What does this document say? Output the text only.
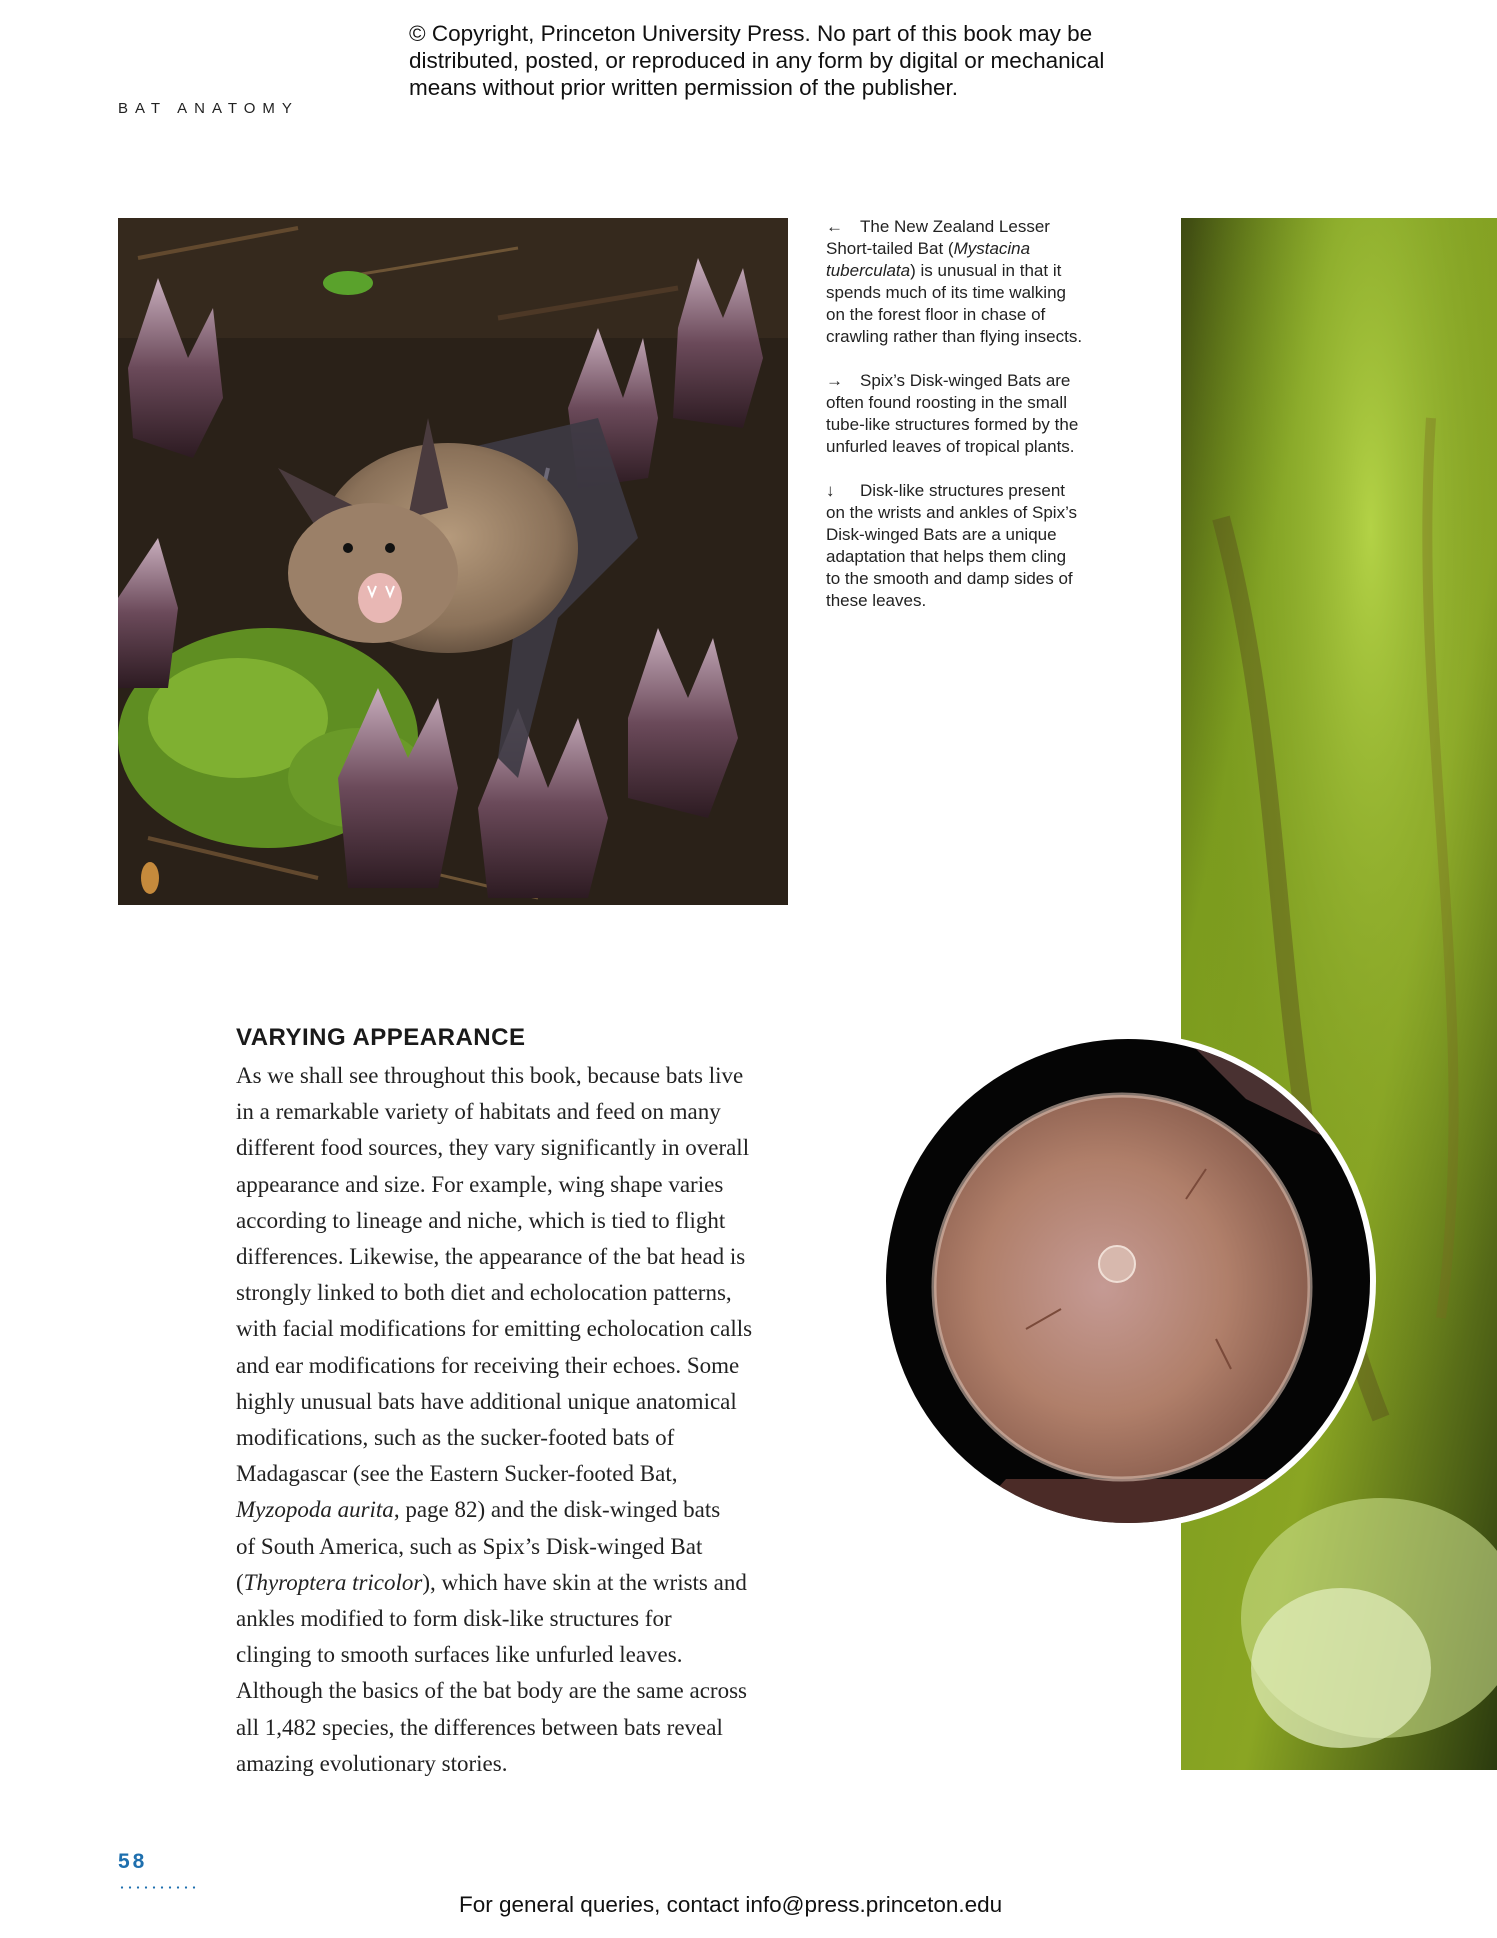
© Copyright, Princeton University Press. No part of this book may be
distributed, posted, or reproduced in any form by digital or mechanical
means without prior written permission of the publisher.
BAT ANATOMY
← The New Zealand Lesser
Short-tailed Bat (Mystacina
tuberculata) is unusual in that it
spends much of its time walking
on the forest floor in chase of
crawling rather than flying insects.
→ Spix’s Disk-winged Bats are
often found roosting in the small
tube-like structures formed by the
unfurled leaves of tropical plants.
↓ Disk-like structures present
on the wrists and ankles of Spix’s
Disk-winged Bats are a unique
adaptation that helps them cling
to the smooth and damp sides of
these leaves.
VARYING APPEARANCE

As we shall see throughout this book, because bats live

in a remarkable variety of habitats and feed on many

different food sources, they vary significantly in overall

appearance and size. For example, wing shape varies

according to lineage and niche, which is tied to flight

differences. Likewise, the appearance of the bat head is

strongly linked to both diet and echolocation patterns,

with facial modifications for emitting echolocation calls

and ear modifications for receiving their echoes. Some

highly unusual bats have additional unique anatomical

modifications, such as the sucker-footed bats of

Madagascar (see the Eastern Sucker-footed Bat,

Myzopoda aurita, page 82) and the disk-winged bats

of South America, such as Spix’s Disk-winged Bat

(Thyroptera tricolor), which have skin at the wrists and

ankles modified to form disk-like structures for

clinging to smooth surfaces like unfurled leaves.

Although the basics of the bat body are the same across

all 1,482 species, the differences between bats reveal

amazing evolutionary stories.

58
For general queries, contact info@press.princeton.edu
